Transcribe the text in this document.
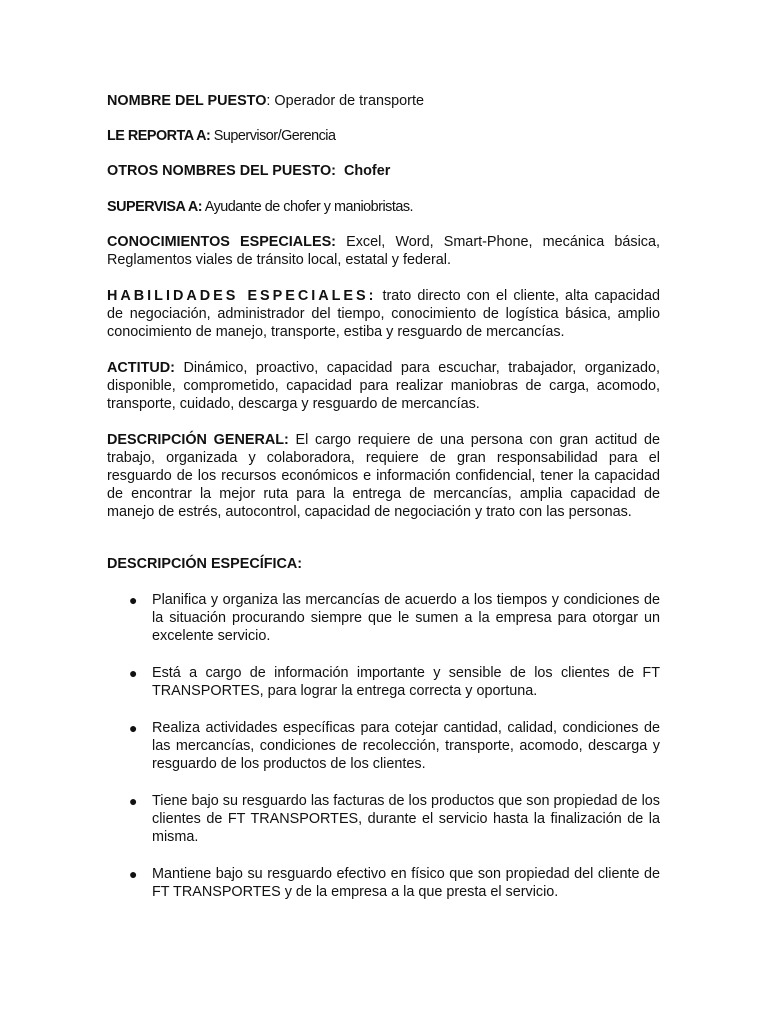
NOMBRE DEL PUESTO: Operador de transporte

LE REPORTA A: Supervisor/Gerencia

OTROS NOMBRES DEL PUESTO:  Chofer

SUPERVISA A: Ayudante de chofer y maniobristas.

CONOCIMIENTOS ESPECIALES: Excel, Word, Smart-Phone, mecánica básica, Reglamentos viales de tránsito local, estatal y federal.

HABILIDADES ESPECIALES: trato directo con el cliente, alta capacidad de negociación, administrador del tiempo, conocimiento de logística básica, amplio conocimiento de manejo, transporte, estiba y resguardo de mercancías.

ACTITUD: Dinámico, proactivo, capacidad para escuchar, trabajador, organizado, disponible, comprometido, capacidad para realizar maniobras de carga, acomodo, transporte, cuidado, descarga y resguardo de mercancías.

DESCRIPCIÓN GENERAL: El cargo requiere de una persona con gran actitud de trabajo, organizada y colaboradora, requiere de gran responsabilidad para el resguardo de los recursos económicos e información confidencial, tener la capacidad de encontrar la mejor ruta para la entrega de mercancías, amplia capacidad de manejo de estrés, autocontrol, capacidad de negociación y trato con las personas.

DESCRIPCIÓN ESPECÍFICA:

● Planifica y organiza las mercancías de acuerdo a los tiempos y condiciones de la situación procurando siempre que le sumen a la empresa para otorgar un excelente servicio.
● Está a cargo de información importante y sensible de los clientes de FT TRANSPORTES, para lograr la entrega correcta y oportuna.
● Realiza actividades específicas para cotejar cantidad, calidad, condiciones de las mercancías, condiciones de recolección, transporte, acomodo, descarga y resguardo de los productos de los clientes.
● Tiene bajo su resguardo las facturas de los productos que son propiedad de los clientes de FT TRANSPORTES, durante el servicio hasta la finalización de la misma.
● Mantiene bajo su resguardo efectivo en físico que son propiedad del cliente de FT TRANSPORTES y de la empresa a la que presta el servicio.
